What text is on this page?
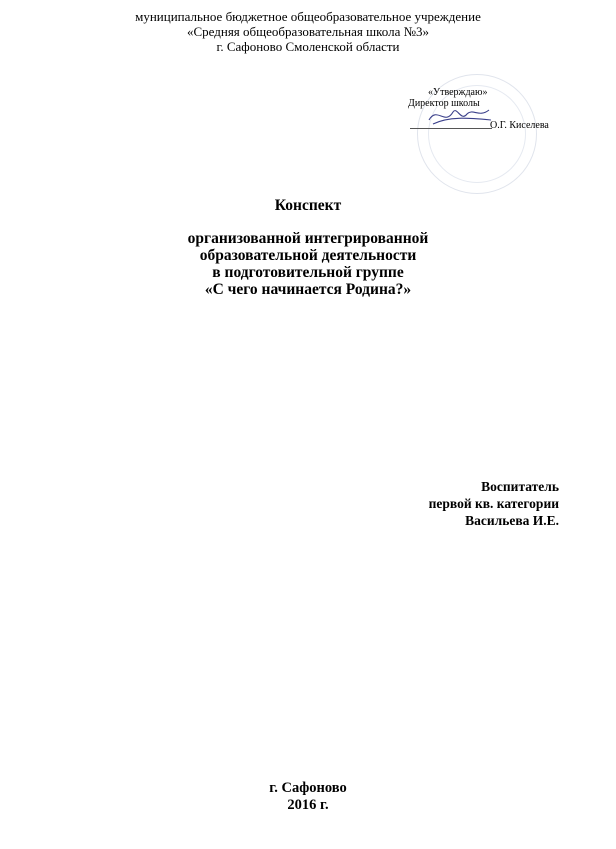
муниципальное бюджетное общеобразовательное учреждение
«Средняя общеобразовательная школа №3»
г. Сафоново Смоленской области
«Утверждаю»
Директор школы
О.Г. Киселева
Конспект
организованной интегрированной
образовательной деятельности
в подготовительной группе
«С чего начинается Родина?»
Воспитатель
первой кв. категории
Васильева И.Е.
г. Сафоново
2016 г.
